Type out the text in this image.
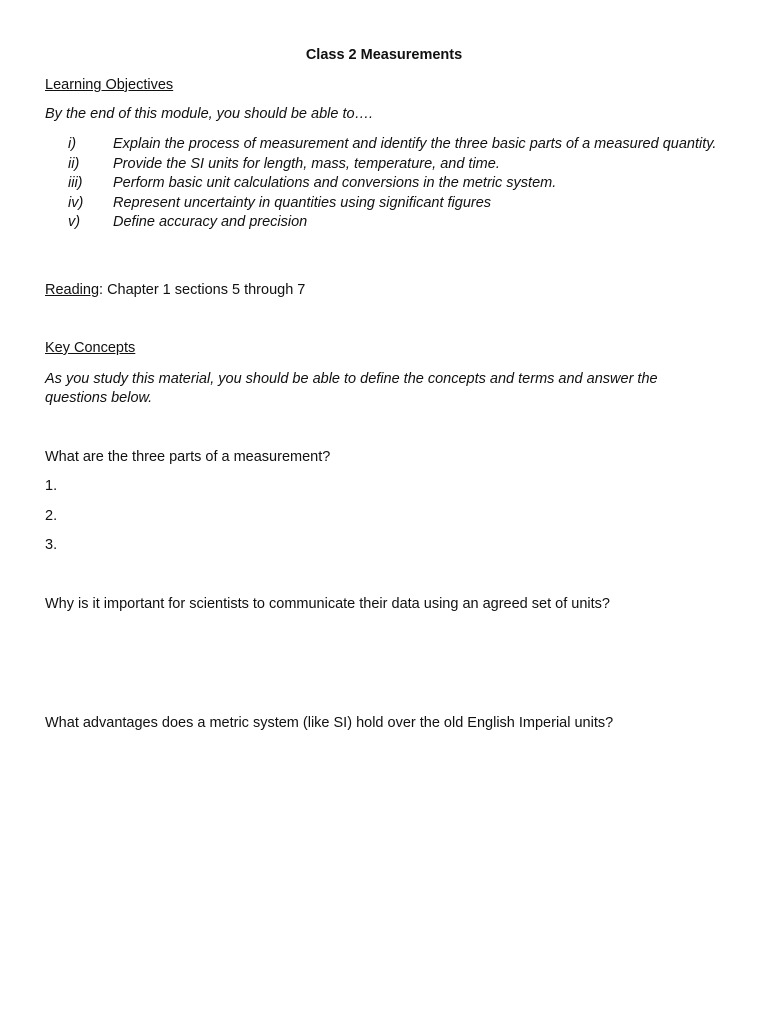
Class 2 Measurements
Learning Objectives
By the end of this module, you should be able to….
i)	Explain the process of measurement and identify the three basic parts of a measured quantity.
ii)	Provide the SI units for length, mass, temperature, and time.
iii)	Perform basic unit calculations and conversions in the metric system.
iv)	Represent uncertainty in quantities using significant figures
v)	Define accuracy and precision
Reading: Chapter 1 sections 5 through 7
Key Concepts
As you study this material, you should be able to define the concepts and terms and answer the questions below.
What are the three parts of a measurement?
1.
2.
3.
Why is it important for scientists to communicate their data using an agreed set of units?
What advantages does a metric system (like SI) hold over the old English Imperial units?
